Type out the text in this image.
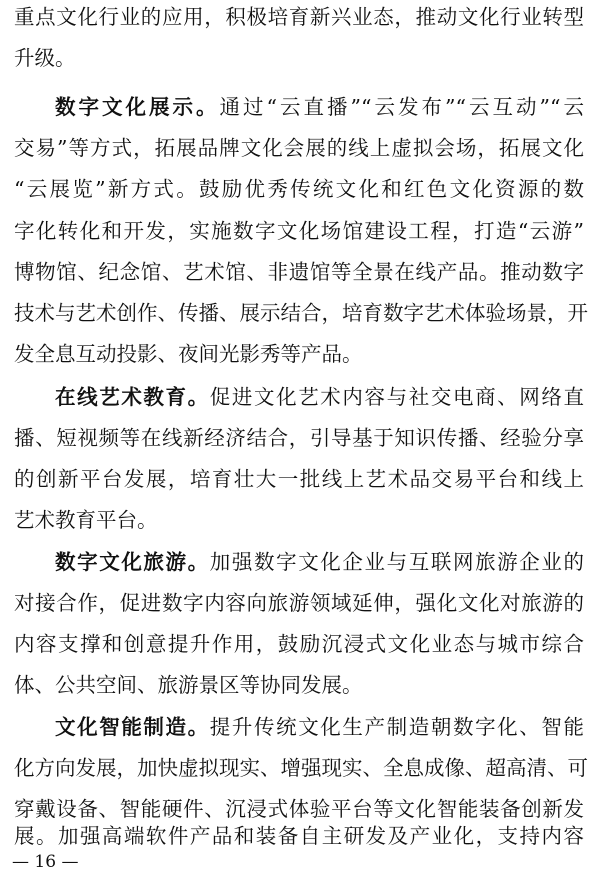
重点文化行业的应用，积极培育新兴业态，推动文化行业转型
升级。
数字文化展示。通过“云直播”“云发布”“云互动”“云
交易”等方式，拓展品牌文化会展的线上虚拟会场，拓展文化
“云展览”新方式。鼓励优秀传统文化和红色文化资源的数
字化转化和开发，实施数字文化场馆建设工程，打造“云游”
博物馆、纪念馆、艺术馆、非遗馆等全景在线产品。推动数字
技术与艺术创作、传播、展示结合，培育数字艺术体验场景，开
发全息互动投影、夜间光影秀等产品。
在线艺术教育。促进文化艺术内容与社交电商、网络直
播、短视频等在线新经济结合，引导基于知识传播、经验分享
的创新平台发展，培育壮大一批线上艺术品交易平台和线上
艺术教育平台。
数字文化旅游。加强数字文化企业与互联网旅游企业的
对接合作，促进数字内容向旅游领域延伸，强化文化对旅游的
内容支撑和创意提升作用，鼓励沉浸式文化业态与城市综合
体、公共空间、旅游景区等协同发展。
文化智能制造。提升传统文化生产制造朝数字化、智能
化方向发展，加快虚拟现实、增强现实、全息成像、超高清、可
穿戴设备、智能硬件、沉浸式体验平台等文化智能装备创新发
展。加强高端软件产品和装备自主研发及产业化，支持内容
— 16 —
